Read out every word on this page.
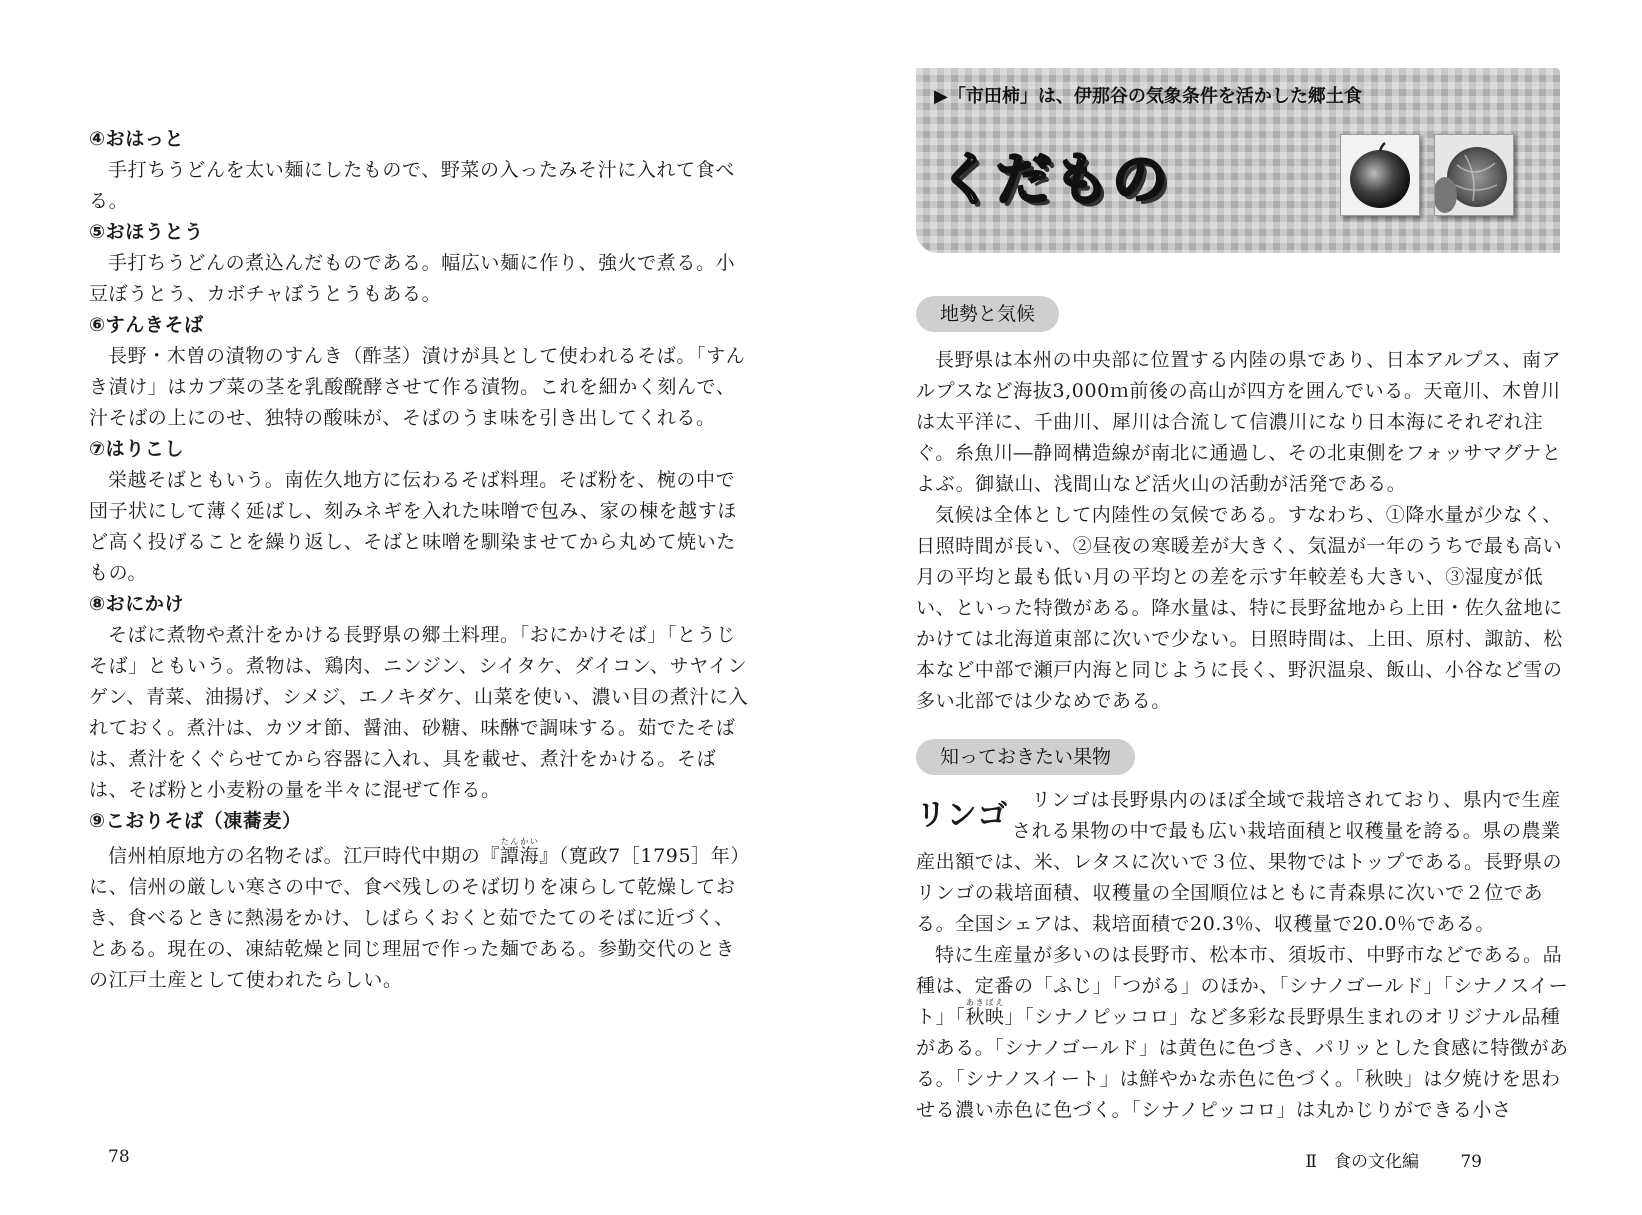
④おはっと

手打ちうどんを太い麺にしたもので、野菜の入ったみそ汁に入れて食べる。

⑤おほうとう

手打ちうどんの煮込んだものである。幅広い麺に作り、強火で煮る。小豆ぼうとう、カボチャぼうとうもある。

⑥すんきそば

長野・木曽の漬物のすんき（酢茎）漬けが具として使われるそば。「すんき漬け」はカブ菜の茎を乳酸醗酵させて作る漬物。これを細かく刻んで、汁そばの上にのせ、独特の酸味が、そばのうま味を引き出してくれる。

⑦はりこし

栄越そばともいう。南佐久地方に伝わるそば料理。そば粉を、椀の中で団子状にして薄く延ばし、刻みネギを入れた味噌で包み、家の棟を越すほど高く投げることを繰り返し、そばと味噌を馴染ませてから丸めて焼いたもの。

⑧おにかけ

そばに煮物や煮汁をかける長野県の郷土料理。「おにかけそば」「とうじそば」ともいう。煮物は、鶏肉、ニンジン、シイタケ、ダイコン、サヤインゲン、青菜、油揚げ、シメジ、エノキダケ、山菜を使い、濃い目の煮汁に入れておく。煮汁は、カツオ節、醤油、砂糖、味醂で調味する。茹でたそばは、煮汁をくぐらせてから容器に入れ、具を載せ、煮汁をかける。そばは、そば粉と小麦粉の量を半々に混ぜて作る。

⑨こおりそば（凍蕎麦）

信州柏原地方の名物そば。江戸時代中期の『譚海たんかい』（寛政7［1795］年）に、信州の厳しい寒さの中で、食べ残しのそば切りを凍らして乾燥しておき、食べるときに熱湯をかけ、しばらくおくと茹でたてのそばに近づく、とある。現在の、凍結乾燥と同じ理屈で作った麺である。参勤交代のときの江戸土産として使われたらしい。

78
▶「市田柿」は、伊那谷の気象条件を活かした郷土食
くだもの
地勢と気候

長野県は本州の中央部に位置する内陸の県であり、日本アルプス、南アルプスなど海抜3,000ｍ前後の高山が四方を囲んでいる。天竜川、木曽川は太平洋に、千曲川、犀川は合流して信濃川になり日本海にそれぞれ注ぐ。糸魚川―静岡構造線が南北に通過し、その北東側をフォッサマグナとよぶ。御嶽山、浅間山など活火山の活動が活発である。

気候は全体として内陸性の気候である。すなわち、①降水量が少なく、日照時間が長い、②昼夜の寒暖差が大きく、気温が一年のうちで最も高い月の平均と最も低い月の平均との差を示す年較差も大きい、③湿度が低い、といった特徴がある。降水量は、特に長野盆地から上田・佐久盆地にかけては北海道東部に次いで少ない。日照時間は、上田、原村、諏訪、松本など中部で瀬戸内海と同じように長く、野沢温泉、飯山、小谷など雪の多い北部では少なめである。

知っておきたい果物
リンゴ

　	リンゴは長野県内のほぼ全域で栽培されており、県内で生産される果物の中で最も広い栽培面積と収穫量を誇る。県の農業産出額では、米、レタスに次いで３位、果物ではトップである。長野県のリンゴの栽培面積、収穫量の全国順位はともに青森県に次いで２位である。全国シェアは、栽培面積で20.3％、収穫量で20.0％である。

特に生産量が多いのは長野市、松本市、須坂市、中野市などである。品種は、定番の「ふじ」「つがる」のほか、「シナノゴールド」「シナノスイート」「秋映あきばえ」「シナノピッコロ」など多彩な長野県生まれのオリジナル品種がある。「シナノゴールド」は黄色に色づき、パリッとした食感に特徴がある。「シナノスイート」は鮮やかな赤色に色づく。「秋映」は夕焼けを思わせる濃い赤色に色づく。「シナノピッコロ」は丸かじりができる小さ

Ⅱ　食の文化編 79
